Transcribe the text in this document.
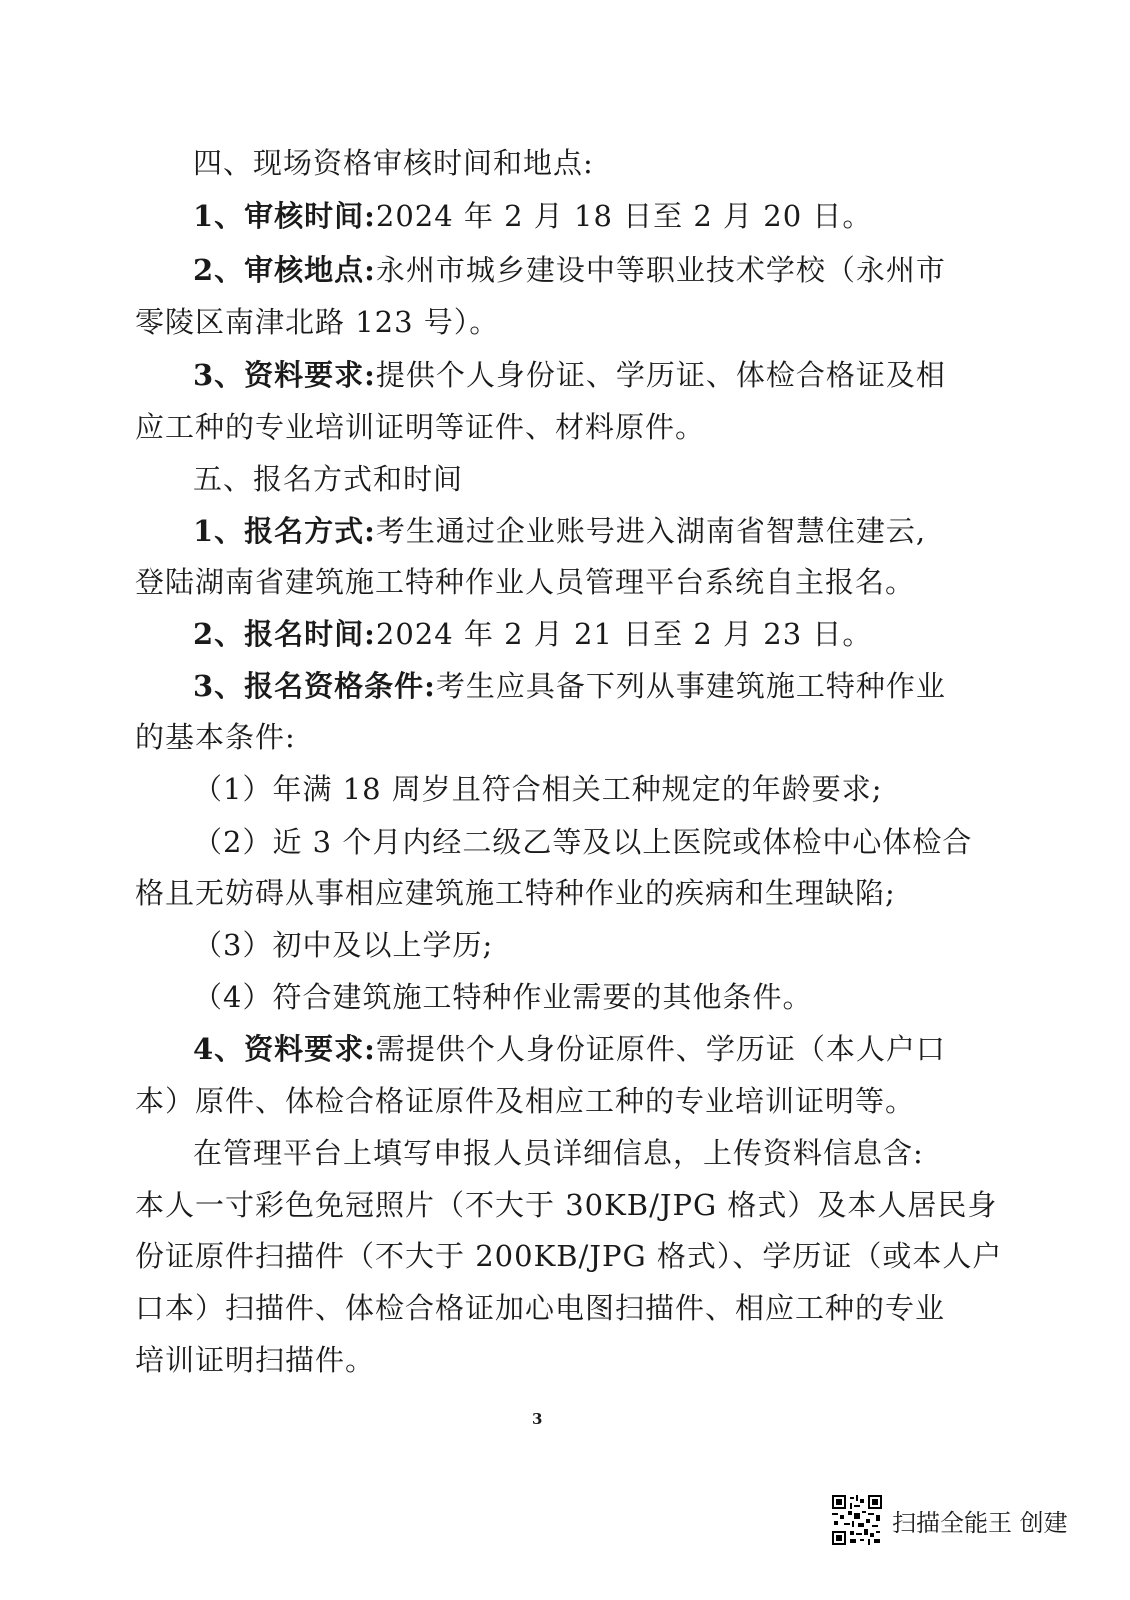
四、现场资格审核时间和地点:
1、审核时间:2024 年 2 月 18 日至 2 月 20 日。
2、审核地点:永州市城乡建设中等职业技术学校（永州市
零陵区南津北路 123 号）。
3、资料要求:提供个人身份证、学历证、体检合格证及相
应工种的专业培训证明等证件、材料原件。
五、报名方式和时间
1、报名方式:考生通过企业账号进入湖南省智慧住建云,
登陆湖南省建筑施工特种作业人员管理平台系统自主报名。
2、报名时间:2024 年 2 月 21 日至 2 月 23 日。
3、报名资格条件:考生应具备下列从事建筑施工特种作业
的基本条件:
（1）年满 18 周岁且符合相关工种规定的年龄要求;
（2）近 3 个月内经二级乙等及以上医院或体检中心体检合
格且无妨碍从事相应建筑施工特种作业的疾病和生理缺陷;
（3）初中及以上学历;
（4）符合建筑施工特种作业需要的其他条件。
4、资料要求:需提供个人身份证原件、学历证（本人户口
本）原件、体检合格证原件及相应工种的专业培训证明等。
在管理平台上填写申报人员详细信息，上传资料信息含:
本人一寸彩色免冠照片（不大于 30KB/JPG 格式）及本人居民身
份证原件扫描件（不大于 200KB/JPG 格式）、学历证（或本人户
口本）扫描件、体检合格证加心电图扫描件、相应工种的专业
培训证明扫描件。
3
扫描全能王 创建
